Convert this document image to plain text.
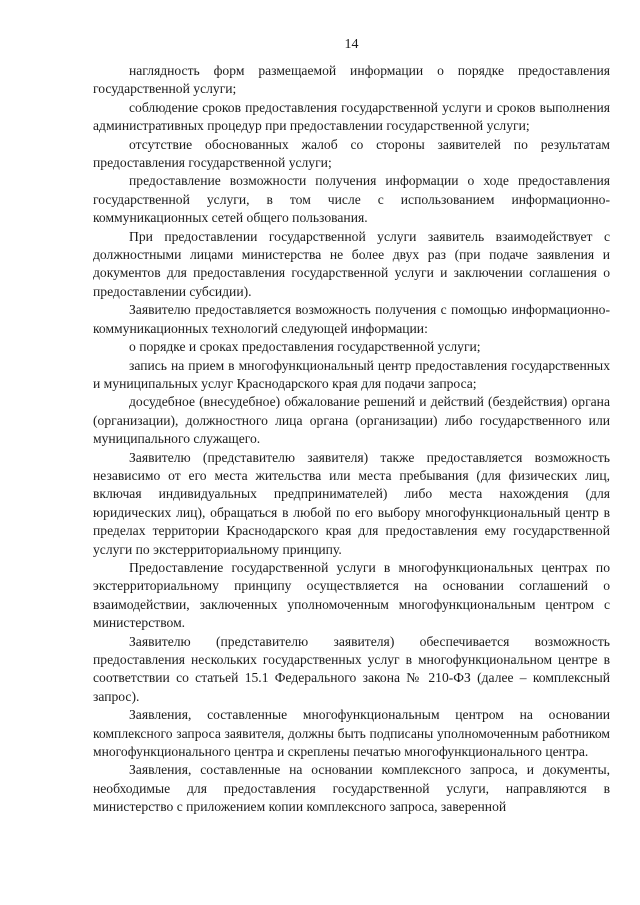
14

наглядность форм размещаемой информации о порядке предоставления государственной услуги;

соблюдение сроков предоставления государственной услуги и сроков выполнения административных процедур при предоставлении государственной услуги;

отсутствие обоснованных жалоб со стороны заявителей по результатам предоставления государственной услуги;

предоставление возможности получения информации о ходе предоставления государственной услуги, в том числе с использованием информационно-коммуникационных сетей общего пользования.

При предоставлении государственной услуги заявитель взаимодействует с должностными лицами министерства не более двух раз (при подаче заявления и документов для предоставления государственной услуги и заключении соглашения о предоставлении субсидии).

Заявителю предоставляется возможность получения с помощью информационно-коммуникационных технологий следующей информации:

о порядке и сроках предоставления государственной услуги;

запись на прием в многофункциональный центр предоставления государственных и муниципальных услуг Краснодарского края для подачи запроса;

досудебное (внесудебное) обжалование решений и действий (бездействия) органа (организации), должностного лица органа (организации) либо государственного или муниципального служащего.

Заявителю (представителю заявителя) также предоставляется возможность независимо от его места жительства или места пребывания (для физических лиц, включая индивидуальных предпринимателей) либо места нахождения (для юридических лиц), обращаться в любой по его выбору многофункциональный центр в пределах территории Краснодарского края для предоставления ему государственной услуги по экстерриториальному принципу.

Предоставление государственной услуги в многофункциональных центрах по экстерриториальному принципу осуществляется на основании соглашений о взаимодействии, заключенных уполномоченным многофункциональным центром с министерством.

Заявителю (представителю заявителя) обеспечивается возможность предоставления нескольких государственных услуг в многофункциональном центре в соответствии со статьей 15.1 Федерального закона № 210-ФЗ (далее – комплексный запрос).

Заявления, составленные многофункциональным центром на основании комплексного запроса заявителя, должны быть подписаны уполномоченным работником многофункционального центра и скреплены печатью многофункционального центра.

Заявления, составленные на основании комплексного запроса, и документы, необходимые для предоставления государственной услуги, направляются в министерство с приложением копии комплексного запроса, заверенной
